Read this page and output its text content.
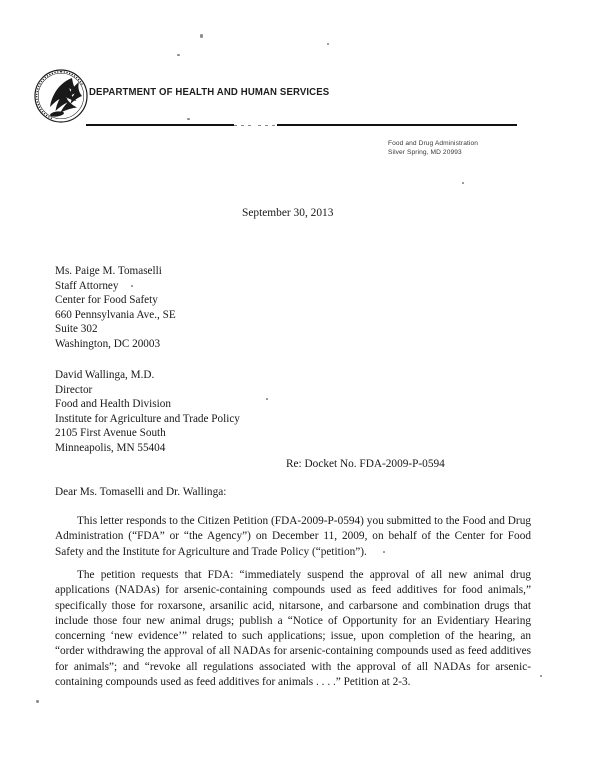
DEPARTMENT OF HEALTH AND HUMAN SERVICES
Food and Drug Administration
Silver Spring, MD 20993
September 30, 2013
Ms. Paige M. Tomaselli
Staff Attorney
Center for Food Safety
660 Pennsylvania Ave., SE
Suite 302
Washington, DC 20003
David Wallinga, M.D.
Director
Food and Health Division
Institute for Agriculture and Trade Policy
2105 First Avenue South
Minneapolis, MN 55404
Re: Docket No. FDA-2009-P-0594
Dear Ms. Tomaselli and Dr. Wallinga:
This letter responds to the Citizen Petition (FDA-2009-P-0594) you submitted to the Food and Drug Administration (“FDA” or “the Agency”) on December 11, 2009, on behalf of the Center for Food Safety and the Institute for Agriculture and Trade Policy (“petition”).
The petition requests that FDA: “immediately suspend the approval of all new animal drug applications (NADAs) for arsenic-containing compounds used as feed additives for food animals,” specifically those for roxarsone, arsanilic acid, nitarsone, and carbarsone and combination drugs that include those four new animal drugs; publish a “Notice of Opportunity for an Evidentiary Hearing concerning ‘new evidence’” related to such applications; issue, upon completion of the hearing, an “order withdrawing the approval of all NADAs for arsenic-containing compounds used as feed additives for animals”; and “revoke all regulations associated with the approval of all NADAs for arsenic-containing compounds used as feed additives for animals . . . .” Petition at 2-3.
